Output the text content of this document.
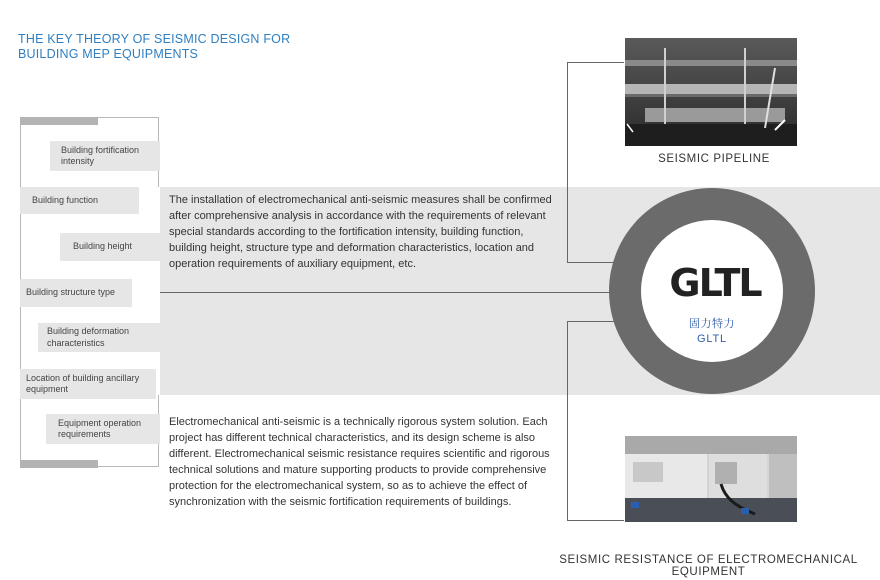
THE KEY THEORY OF SEISMIC DESIGN FOR
BUILDING MEP EQUIPMENTS
Building fortification intensity
Building function
Building height
Building structure type
Building deformation characteristics
Location of building ancillary equipment
Equipment operation requirements
The installation of electromechanical anti-seismic measures shall be confirmed after comprehensive analysis in accordance with the requirements of relevant special standards according to the fortification intensity, building function, building height, structure type and deformation characteristics, location and operation requirements of auxiliary equipment, etc.
Electromechanical anti-seismic is a technically rigorous system solution. Each project has different technical characteristics, and its design scheme is also different. Electromechanical seismic resistance requires scientific and rigorous technical solutions and mature supporting products to provide comprehensive protection for the electromechanical system, so as to achieve the effect of synchronization with the seismic fortification requirements of buildings.
GLTL
固力特力
GLTL
SEISMIC PIPELINE
SEISMIC RESISTANCE OF ELECTROMECHANICAL EQUIPMENT
